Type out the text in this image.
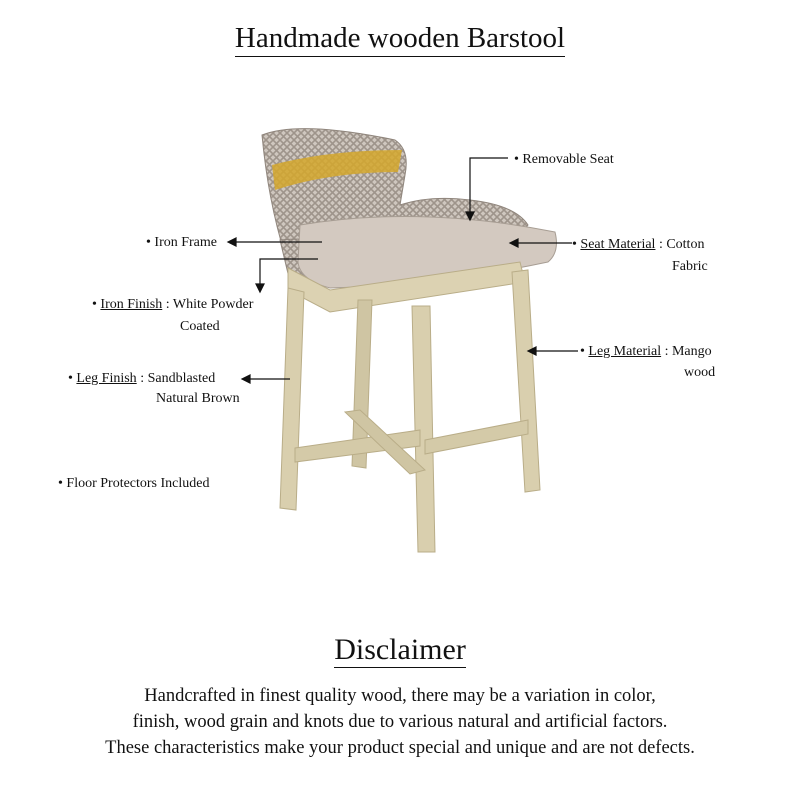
Handmade wooden Barstool
• Removable Seat
• Iron Frame	• Seat Material : Cotton
Fabric
• Iron Finish : White Powder
Coated
• Leg Material : Mango
wood
• Leg Finish : Sandblasted
Natural Brown
• Floor Protectors Included
Disclaimer
Handcrafted in finest quality wood, there may be a variation in color,
finish, wood grain and knots due to various natural and artificial factors.
These characteristics make your product special and unique and are not defects.
